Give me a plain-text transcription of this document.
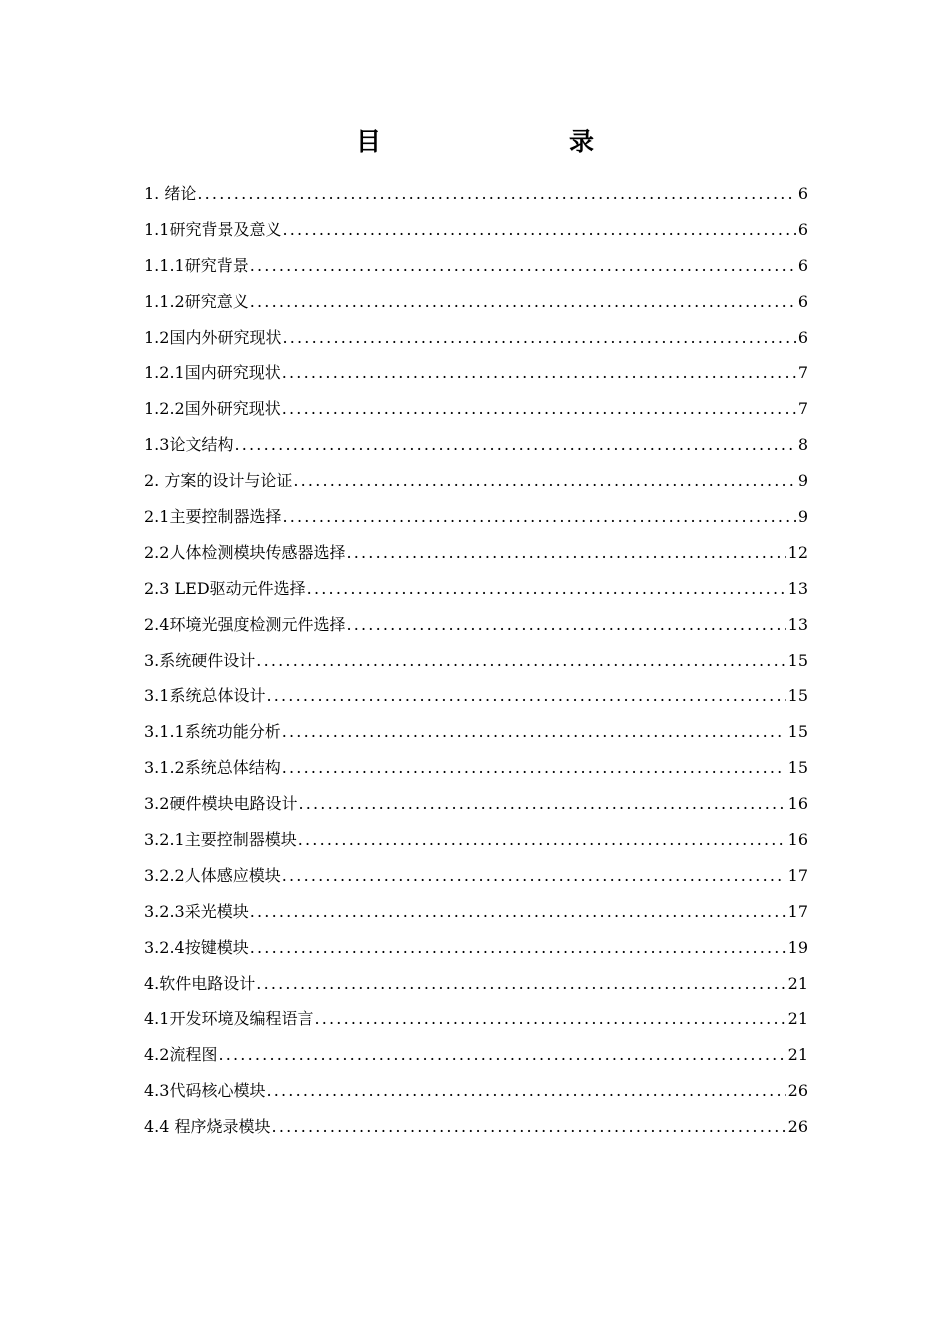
目　　录
1. 绪论 .....	6
1.1研究背景及意义 .....	6
1.1.1研究背景 .....	6
1.1.2研究意义 .....	6
1.2国内外研究现状 .....	6
1.2.1国内研究现状 .....	7
1.2.2国外研究现状 .....	7
1.3论文结构 .....	8
2. 方案的设计与论证 .....	9
2.1主要控制器选择 .....	9
2.2人体检测模块传感器选择 .....	12
2.3 LED驱动元件选择 .....	13
2.4环境光强度检测元件选择 .....	13
3.系统硬件设计 .....	15
3.1系统总体设计 .....	15
3.1.1系统功能分析 .....	15
3.1.2系统总体结构 .....	15
3.2硬件模块电路设计 .....	16
3.2.1主要控制器模块 .....	16
3.2.2人体感应模块 .....	17
3.2.3采光模块 .....	17
3.2.4按键模块 .....	19
4.软件电路设计 .....	21
4.1开发环境及编程语言 .....	21
4.2流程图 .....	21
4.3代码核心模块 .....	26
4.4 程序烧录模块 .....	26
